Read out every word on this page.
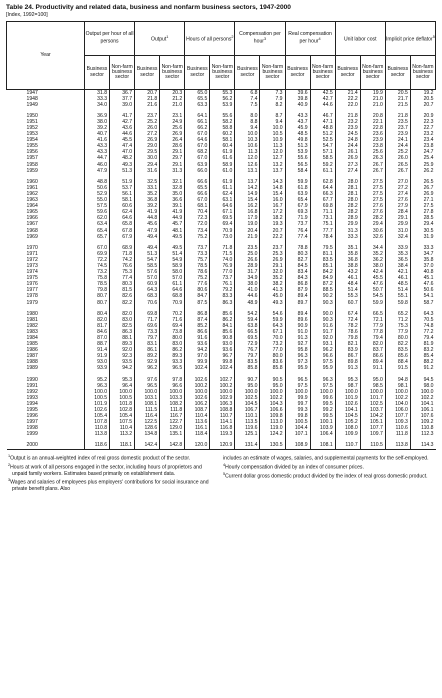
Table 24. Productivity and related data, business and nonfarm business sectors, 1947-2000
[Index, 1992=100]
Year	Output per hour of all persons		Output$^1$		Hours of all persons$^2$		Compensation per hour$^3$		Real compensation per hour$^4$		Unit labor cost		Implicit price deflator$^5$
	Business sector	Non-farm business sector	Business sector	Non-farm business sector	Business sector	Non-farm business sector	Business sector	Non-farm business sector	Business sector	Non-farm business sector	Business sector	Non-farm business sector	Business sector	Non-farm business sector
1947	31.8	36.7	20.7	20.3	65.0	55.3	6.8	7.3	39.6	42.5	21.4	19.9	20.5	19.2
1948	33.3	37.7	21.8	21.2	65.5	56.2	7.4	7.9	39.8	42.7	22.2	21.0	21.7	20.5
1949	34.0	39.0	21.6	21.0	63.3	53.9	7.5	8.2	40.9	44.6	22.0	21.0	21.5	20.7

1950	36.9	41.7	23.7	23.1	64.1	55.6	8.0	8.7	43.3	46.7	21.8	20.8	21.8	20.9
1951	38.0	42.7	25.2	24.9	66.1	58.2	8.8	9.4	43.7	47.1	23.2	22.1	23.5	22.3
1952	39.2	43.6	26.0	25.6	66.2	58.8	9.4	10.0	45.9	48.8	23.9	22.8	23.7	22.7
1953	40.7	44.6	27.2	26.9	67.0	60.2	10.0	10.5	48.5	51.2	24.5	23.6	23.9	23.2
1954	41.6	45.5	26.9	26.4	64.6	58.1	10.3	10.9	49.8	52.5	24.8	23.9	24.1	23.4
1955	43.3	47.4	29.0	28.6	67.0	60.4	10.6	11.3	51.3	54.7	24.4	23.8	24.4	23.8
1956	43.3	47.0	29.5	29.1	68.2	61.9	11.3	12.0	53.9	57.1	26.1	25.6	25.2	24.7
1957	44.7	48.2	30.0	29.7	67.0	61.6	12.0	12.7	55.6	58.5	26.9	26.3	26.0	25.4
1958	46.0	49.3	29.4	29.1	63.9	58.9	12.6	13.2	56.5	59.2	27.3	26.7	26.5	25.9
1959	47.9	51.3	31.6	31.3	66.0	61.0	13.1	13.7	58.4	61.1	27.4	26.7	26.7	26.2

1960	48.8	51.9	32.5	32.1	66.6	61.9	13.7	14.3	59.9	62.8	28.0	27.5	27.0	26.5
1961	50.6	53.7	33.1	32.8	65.5	61.1	14.2	14.8	61.8	64.4	28.1	27.5	27.2	26.7
1962	52.9	56.1	35.2	35.0	66.6	62.4	14.9	15.4	63.9	66.3	28.1	27.5	27.4	26.9
1963	55.0	58.1	36.8	36.6	67.0	63.1	15.4	16.0	65.4	67.7	28.0	27.5	27.6	27.1
1964	57.5	60.6	39.2	39.1	68.1	64.6	16.2	16.7	67.9	69.8	28.2	27.6	27.9	27.5
1965	59.6	62.4	41.9	41.9	70.4	67.1	16.8	17.2	69.3	71.1	28.2	27.6	28.4	27.8
1966	62.0	64.6	44.8	44.9	72.3	69.5	17.9	18.2	71.9	73.1	28.9	28.2	29.1	28.5
1967	63.4	65.8	45.6	45.7	72.0	69.4	19.0	19.3	73.7	75.1	29.9	29.4	29.9	29.4
1968	65.4	67.8	47.9	48.1	73.4	70.9	20.4	20.7	76.4	77.7	31.3	30.6	31.0	30.5
1969	65.7	67.9	49.4	49.5	75.2	73.0	21.9	22.2	77.4	78.4	33.3	32.6	32.4	31.9

1970	67.0	68.9	49.4	49.5	73.7	71.8	23.5	23.7	78.8	79.5	35.1	34.4	33.9	33.3
1971	69.9	71.8	51.3	51.4	73.3	71.5	25.0	25.3	80.3	81.1	35.8	35.2	35.3	34.7
1972	72.2	74.2	54.7	54.9	75.7	74.0	26.6	26.9	82.7	83.5	36.8	36.2	36.5	35.8
1973	74.5	76.6	58.5	58.9	78.5	76.9	28.9	29.1	84.5	85.1	38.8	38.0	38.4	37.0
1974	73.2	75.3	57.6	58.0	78.6	77.0	31.7	32.0	83.4	84.2	43.2	42.4	42.1	40.8
1975	75.8	77.4	57.0	57.0	75.2	73.7	34.9	35.2	84.3	84.9	46.1	45.5	46.1	45.1
1976	78.5	80.3	60.9	61.1	77.6	76.1	38.0	38.2	86.8	87.2	48.4	47.6	48.5	47.6
1977	79.8	81.5	64.3	64.6	80.6	79.2	41.0	41.3	87.9	88.5	51.4	50.7	51.4	50.6
1978	80.7	82.6	68.3	68.8	84.7	83.3	44.6	45.0	89.4	90.2	55.3	54.5	55.1	54.1
1979	80.7	82.2	70.6	70.9	87.5	86.3	48.9	49.3	89.7	90.3	60.7	59.9	59.8	58.7

1980	80.4	82.0	69.8	70.2	86.8	85.6	54.2	54.6	89.4	90.0	67.4	66.5	65.2	64.3
1981	82.0	83.0	71.7	71.6	87.4	86.2	59.4	59.9	89.6	90.3	72.4	72.1	71.2	70.5
1982	81.7	82.5	69.6	69.4	85.2	84.1	63.8	64.3	90.9	91.6	78.2	77.9	75.3	74.8
1983	84.6	86.3	73.3	73.8	86.6	85.6	66.5	67.1	91.0	91.7	78.6	77.8	77.9	77.2
1984	87.0	88.1	79.7	80.0	91.6	90.8	69.5	70.0	91.3	92.0	79.8	79.4	80.0	79.4
1985	88.7	89.3	83.1	83.0	93.6	93.0	72.9	73.2	92.7	93.1	82.1	82.0	82.2	81.9
1986	91.4	92.0	86.1	86.2	94.2	93.6	76.7	77.0	95.8	96.2	83.9	83.7	83.5	83.2
1987	91.9	92.3	89.2	89.3	97.0	96.7	79.7	80.0	96.3	96.6	86.7	86.6	85.6	85.4
1988	93.0	93.5	92.9	93.3	99.9	99.8	83.5	83.6	97.3	97.5	89.8	89.4	88.4	88.2
1989	93.9	94.2	96.2	96.5	102.4	102.4	85.8	85.8	95.9	95.9	91.3	91.1	91.5	91.2

1990	95.2	95.3	97.6	97.8	102.6	102.7	90.7	90.5	96.5	96.3	95.3	95.0	94.8	94.5
1991	96.3	96.4	96.5	96.6	100.2	100.2	95.0	95.0	97.5	97.5	98.7	98.5	98.1	98.0
1992	100.0	100.0	100.0	100.0	100.0	100.0	100.0	100.0	100.0	100.0	100.0	100.0	100.0	100.0
1993	100.5	100.5	103.1	103.3	102.6	102.9	102.5	102.2	99.9	99.6	101.9	101.7	102.2	102.2
1994	101.9	101.8	108.1	108.2	106.2	106.3	104.5	104.3	99.7	99.5	102.6	102.5	104.0	104.1
1995	102.6	102.8	111.5	111.8	108.7	108.8	106.7	106.6	99.3	99.2	104.1	103.7	106.0	106.1
1996	105.4	105.4	116.4	116.7	110.4	110.7	110.1	109.8	99.8	99.5	104.5	104.2	107.7	107.6
1997	107.8	107.5	122.5	122.7	113.6	114.1	113.5	113.0	100.5	100.1	105.2	105.1	109.3	109.2
1998	110.8	110.4	128.6	129.0	116.1	116.8	119.6	119.0	104.4	103.9	108.0	107.7	110.6	110.8
1999	113.8	113.2	134.8	135.1	118.4	119.3	125.1	124.2	107.1	106.4	109.9	109.7	111.8	112.3

2000	118.6	118.1	142.4	142.8	120.0	120.9	131.4	130.5	108.9	108.1	110.7	110.5	113.8	114.3

$^1$Output is an annual-weighted index of real gross domestic product of the sector.

$^2$Hours at work of all persons engaged in the sector, including hours of proprietors and unpaid family workers. Estimates based primarily on establishment data.

$^3$Wages and salaries of employees plus employers' contributions for social insurance and private benefit plans. Also

includes an estimate of wages, salaries, and supplemental payments for the self-employed.

$^4$Hourly compensation divided by an index of consumer prices.

$^5$Current dollar gross domestic product divided by the index of real gross domestic product.
